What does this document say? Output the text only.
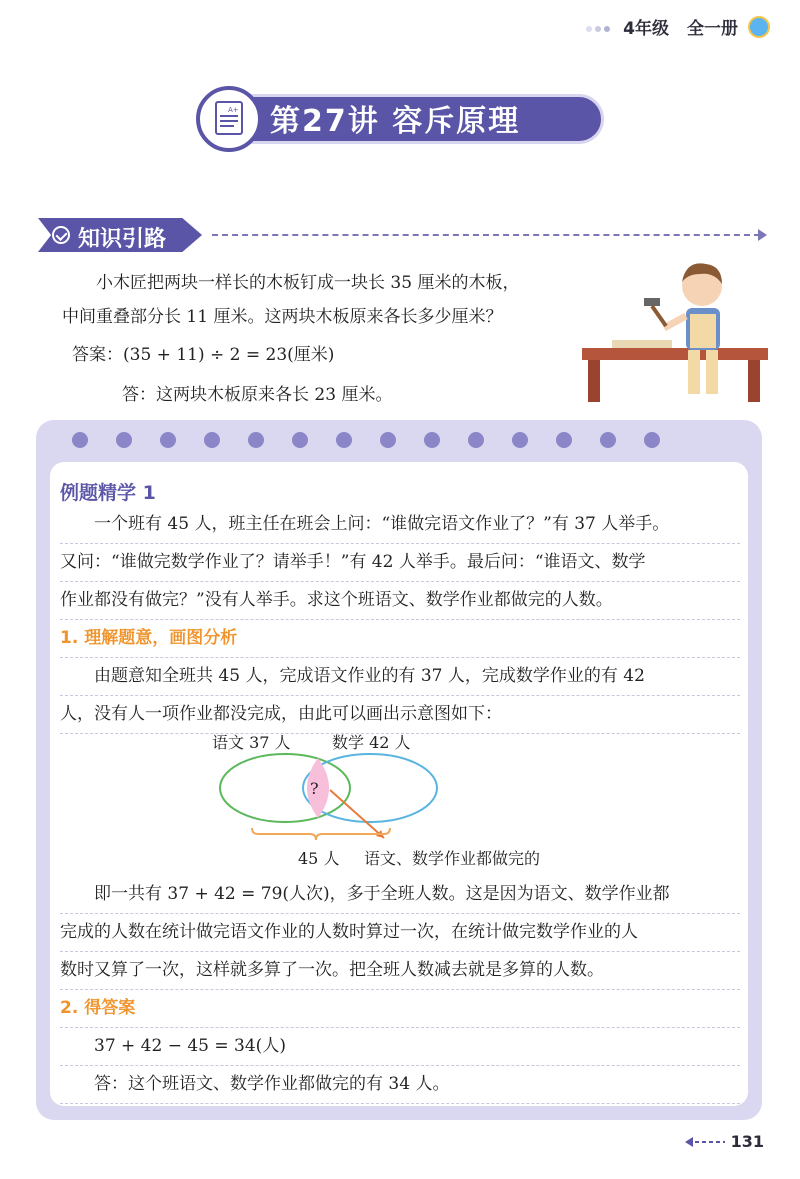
4年级 全一册
A+ 第27讲 容斥原理
知识引路

小木匠把两块一样长的木板钉成一块长 35 厘米的木板，

中间重叠部分长 11 厘米。这两块木板原来各长多少厘米？

答案：(35 + 11) ÷ 2 = 23(厘米)
答：这两块木板原来各长 23 厘米。
例题精学 1
一个班有 45 人，班主任在班会上问：“谁做完语文作业了？”有 37 人举手。
又问：“谁做完数学作业了？请举手！”有 42 人举手。最后问：“谁语文、数学
作业都没有做完？”没有人举手。求这个班语文、数学作业都做完的人数。
1. 理解题意，画图分析
由题意知全班共 45 人，完成语文作业的有 37 人，完成数学作业的有 42
人，没有人一项作业都没完成，由此可以画出示意图如下：
语文 37 人	数学 42 人
?
45 人 语文、数学作业都做完的
即一共有 37 + 42 = 79(人次)，多于全班人数。这是因为语文、数学作业都
完成的人数在统计做完语文作业的人数时算过一次，在统计做完数学作业的人
数时又算了一次，这样就多算了一次。把全班人数减去就是多算的人数。
2. 得答案
37 + 42 − 45 = 34(人)
答：这个班语文、数学作业都做完的有 34 人。
131
